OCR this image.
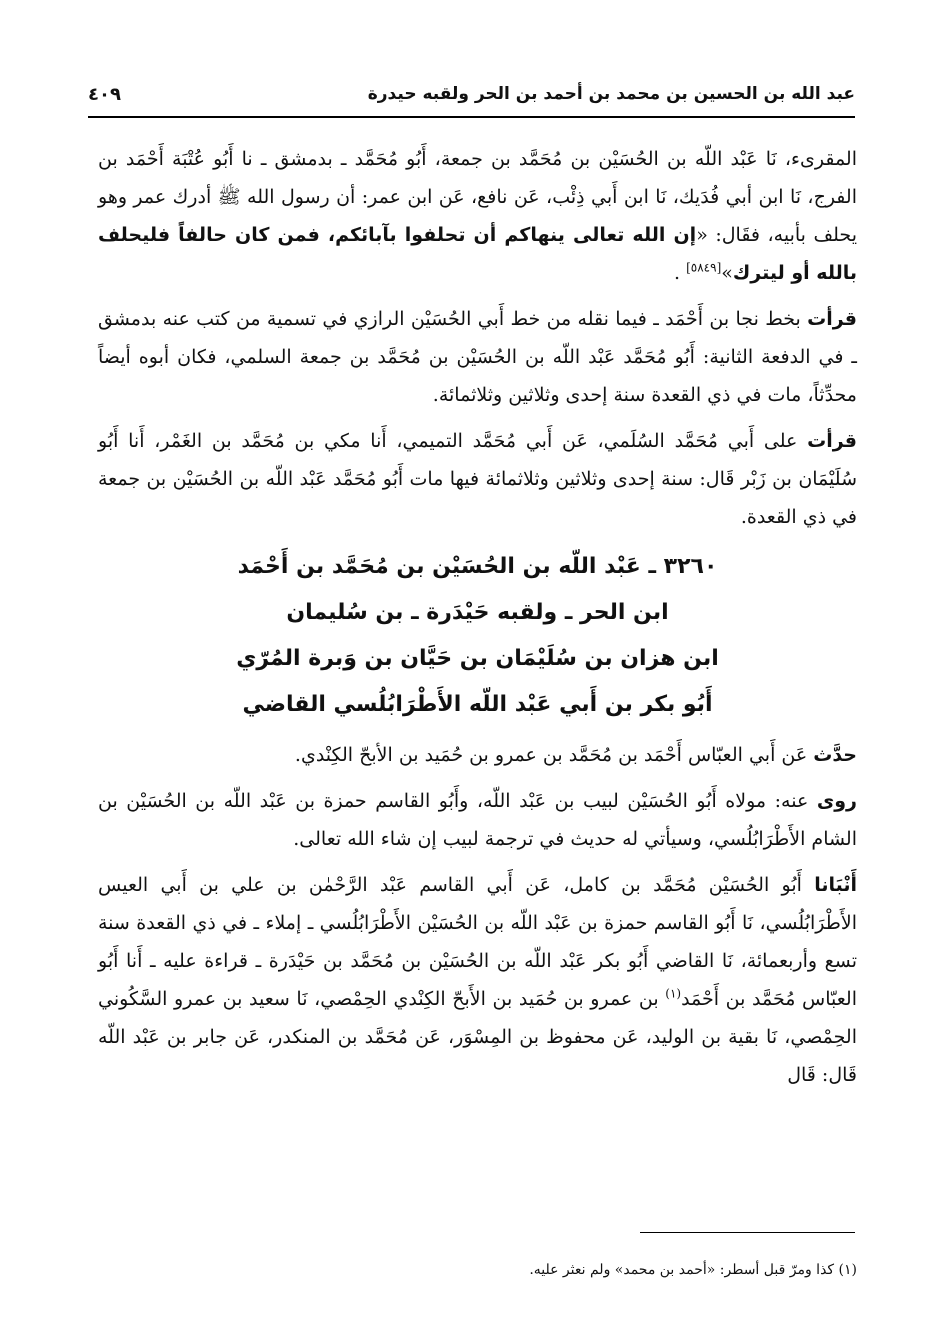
عبد الله بن الحسين بن محمد بن أحمد بن الحر ولقبه حيدرة
٤٠٩

المقرىء، نَا عَبْد اللّه بن الحُسَيْن بن مُحَمَّد بن جمعة، أَبُو مُحَمَّد ـ بدمشق ـ نا أَبُو عُتْبَة أَحْمَد بن الفرج، نَا ابن أبي فُدَيك، نَا ابن أَبي ذِئْب، عَن نافع، عَن ابن عمر: أن رسول الله ﷺ أدرك عمر وهو يحلف بأبيه، فقَال: «إن الله تعالى ينهاكم أن تحلفوا بآبائكم، فمن كان حالفاً فليحلف بالله أو ليترك»[٥٨٤٩] .

قرأت بخط نجا بن أَحْمَد ـ فيما نقله من خط أَبي الحُسَيْن الرازي في تسمية من كتب عنه بدمشق ـ في الدفعة الثانية: أَبُو مُحَمَّد عَبْد اللّه بن الحُسَيْن بن مُحَمَّد بن جمعة السلمي، فكان أبوه أيضاً محدِّثاً، مات في ذي القعدة سنة إحدى وثلاثين وثلاثمائة.

قرأت على أَبي مُحَمَّد السُلَمي، عَن أَبي مُحَمَّد التميمي، أَنا مكي بن مُحَمَّد بن الغَمْر، أَنا أَبُو سُلَيْمَان بن زَبْر قَال: سنة إحدى وثلاثين وثلاثمائة فيها مات أَبُو مُحَمَّد عَبْد اللّه بن الحُسَيْن بن جمعة في ذي القعدة.

٣٢٦٠ ـ عَبْد اللّه بن الحُسَيْن بن مُحَمَّد بن أَحْمَد
ابن الحر ـ ولقبه حَيْدَرة ـ بن سُليمان
ابن هزان بن سُلَيْمَان بن حَيَّان بن وَبرة المُرّي
أَبُو بكر بن أَبي عَبْد اللّه الأَطْرَابُلُسي القاضي

حدَّث عَن أَبي العبّاس أَحْمَد بن مُحَمَّد بن عمرو بن حُمَيد بن الأبحّ الكِنْدي.

روى عنه: مولاه أَبُو الحُسَيْن لبيب بن عَبْد اللّه، وأَبُو القاسم حمزة بن عَبْد اللّه بن الحُسَيْن بن الشام الأَطْرَابُلُسي، وسيأتي له حديث في ترجمة لبيب إن شاء الله تعالى.

أَنْبَانا أَبُو الحُسَيْن مُحَمَّد بن كامل، عَن أَبي القاسم عَبْد الرَّحْمٰن بن علي بن أَبي العيس الأَطْرَابُلُسي، نَا أَبُو القاسم حمزة بن عَبْد اللّه بن الحُسَيْن الأَطْرَابُلُسي ـ إملاء ـ في ذي القعدة سنة تسع وأربعمائة، نَا القاضي أَبُو بكر عَبْد اللّه بن الحُسَيْن بن مُحَمَّد بن حَيْدَرة ـ قراءة عليه ـ أَنا أَبُو العبّاس مُحَمَّد بن أَحْمَد$^{(١)}$ بن عمرو بن حُمَيد بن الأَبحّ الكِنْدي الحِمْصي، نَا سعيد بن عمرو السَّكُوني الحِمْصي، نَا بقية بن الوليد، عَن محفوظ بن المِسْوَر، عَن مُحَمَّد بن المنكدر، عَن جابر بن عَبْد اللّه قَال: قَال

(١) كذا ومرّ قبل أسطر: «أحمد بن محمد» ولم نعثر عليه.
